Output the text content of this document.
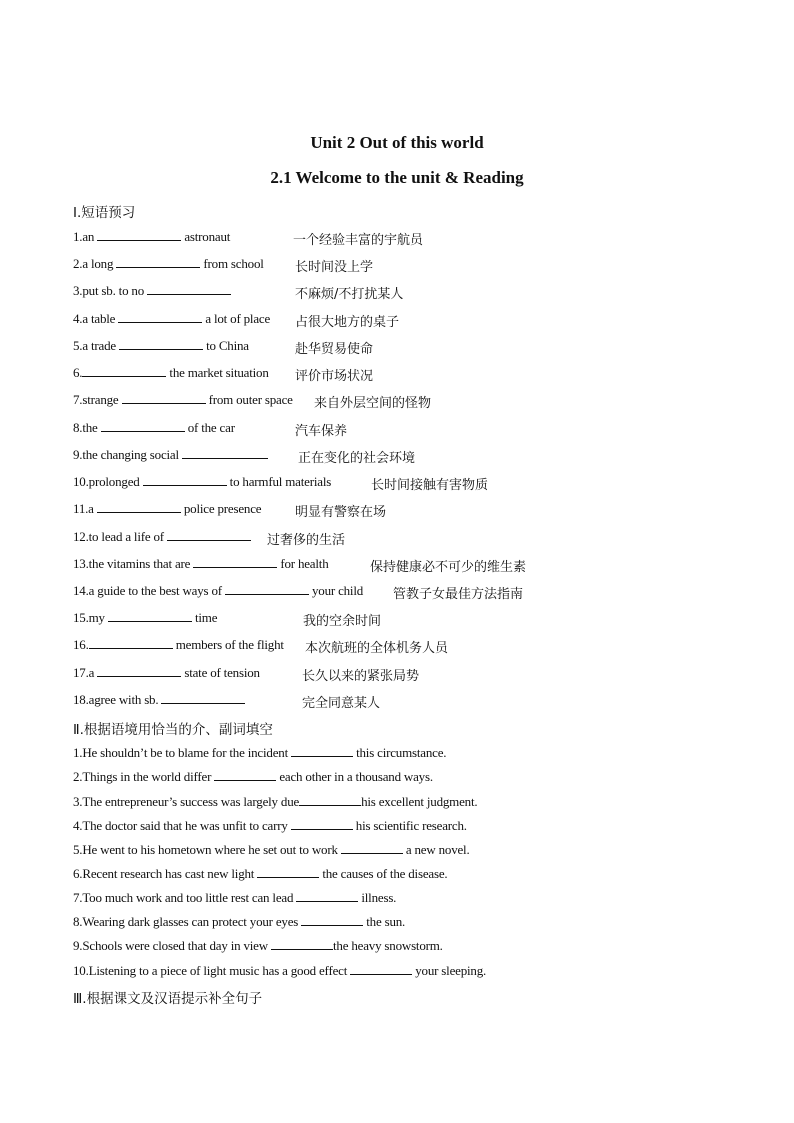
Unit 2 Out of this world
2.1 Welcome to the unit & Reading
Ⅰ.短语预习
1.an	astronaut	一个经验丰富的宇航员
2.a long	from school 长时间没上学
3.put sb. to no	不麻烦/不打扰某人
4.a table	a lot of place 占很大地方的桌子
5.a trade	to China	赴华贸易使命
6.	the market situation 评价市场状况
7.strange	from outer space 来自外层空间的怪物
8.the	of the car	汽车保养
9.the changing social	正在变化的社会环境
10.prolonged	to harmful materials	长时间接触有害物质
11.a	police presence	明显有警察在场
12.to lead a life of	过奢侈的生活
13.the vitamins that are	for health	保持健康必不可少的维生素
14.a guide to the best ways of	your child 管教子女最佳方法指南
15.my	time	我的空余时间
16.	members of the flight 本次航班的全体机务人员
17.a	state of tension	长久以来的紧张局势
18.agree with sb.	完全同意某人
Ⅱ.根据语境用恰当的介、副词填空
1.He shouldn’t be to blame for the incident	this circumstance.
2.Things in the world differ	each other in a thousand ways.
3.The entrepreneur’s success was largely due	his excellent judgment.
4.The doctor said that he was unfit to carry	his scientific research.
5.He went to his hometown where he set out to work	a new novel.
6.Recent research has cast new light	the causes of the disease.
7.Too much work and too little rest can lead	illness.
8.Wearing dark glasses can protect your eyes	the sun.
9.Schools were closed that day in view	the heavy snowstorm.
10.Listening to a piece of light music has a good effect	your sleeping.
Ⅲ.根据课文及汉语提示补全句子
